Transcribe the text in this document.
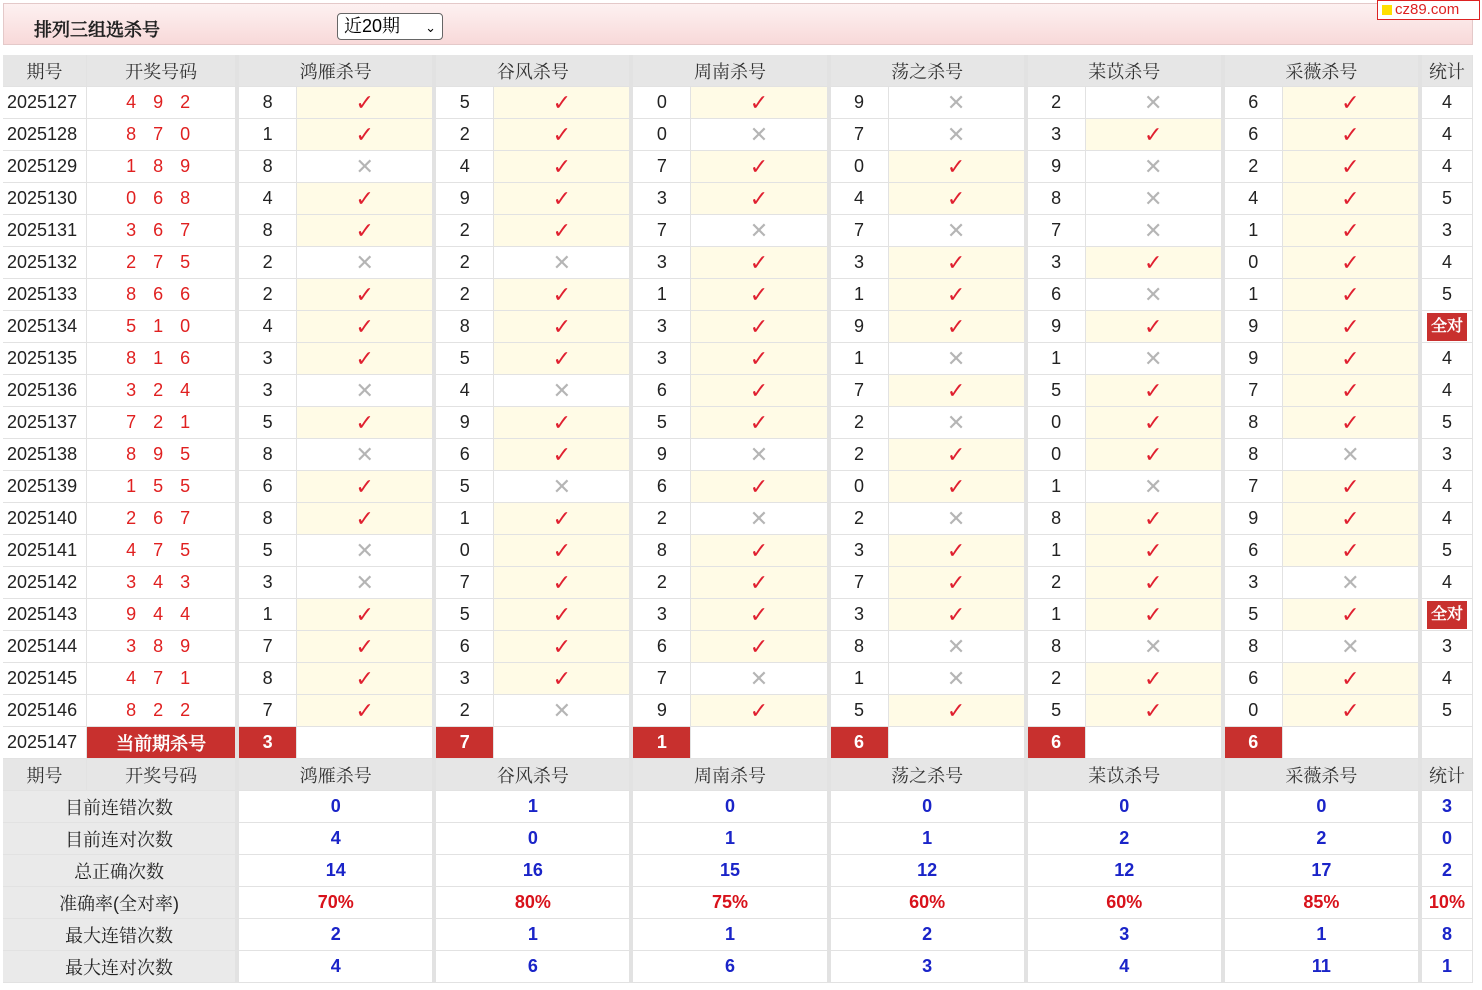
排列三组选杀号	近20期 ⌄
cz89.com
期号	开奖号码	鸿雁杀号		谷风杀号		周南杀号		荡之杀号		苿苡杀号		采薇杀号		统计
2025127	4 9 2	8	✓	5	✓	0	✓	9	✕	2	✕	6	✓	4
2025128	8 7 0	1	✓	2	✓	0	✕	7	✕	3	✓	6	✓	4
2025129	1 8 9	8	✕	4	✓	7	✓	0	✓	9	✕	2	✓	4
2025130	0 6 8	4	✓	9	✓	3	✓	4	✓	8	✕	4	✓	5
2025131	3 6 7	8	✓	2	✓	7	✕	7	✕	7	✕	1	✓	3
2025132	2 7 5	2	✕	2	✕	3	✓	3	✓	3	✓	0	✓	4
2025133	8 6 6	2	✓	2	✓	1	✓	1	✓	6	✕	1	✓	5
2025134	5 1 0	4	✓	8	✓	3	✓	9	✓	9	✓	9	✓	全对
2025135	8 1 6	3	✓	5	✓	3	✓	1	✕	1	✕	9	✓	4
2025136	3 2 4	3	✕	4	✕	6	✓	7	✓	5	✓	7	✓	4
2025137	7 2 1	5	✓	9	✓	5	✓	2	✕	0	✓	8	✓	5
2025138	8 9 5	8	✕	6	✓	9	✕	2	✓	0	✓	8	✕	3
2025139	1 5 5	6	✓	5	✕	6	✓	0	✓	1	✕	7	✓	4
2025140	2 6 7	8	✓	1	✓	2	✕	2	✕	8	✓	9	✓	4
2025141	4 7 5	5	✕	0	✓	8	✓	3	✓	1	✓	6	✓	5
2025142	3 4 3	3	✕	7	✓	2	✓	7	✓	2	✓	3	✕	4
2025143	9 4 4	1	✓	5	✓	3	✓	3	✓	1	✓	5	✓	全对
2025144	3 8 9	7	✓	6	✓	6	✓	8	✕	8	✕	8	✕	3
2025145	4 7 1	8	✓	3	✓	7	✕	1	✕	2	✓	6	✓	4
2025146	8 2 2	7	✓	2	✕	9	✓	5	✓	5	✓	0	✓	5
2025147	当前期杀号	3		7		1		6		6		6		
期号	开奖号码	鸿雁杀号		谷风杀号		周南杀号		荡之杀号		苿苡杀号		采薇杀号		统计
目前连错次数		0		1		0		0		0		0		3
目前连对次数		4		0		1		1		2		2		0
总正确次数		14		16		15		12		12		17		2
准确率(全对率)		70%		80%		75%		60%		60%		85%		10%
最大连错次数		2		1		1		2		3		1		8
最大连对次数		4		6		6		3		4		11		1
